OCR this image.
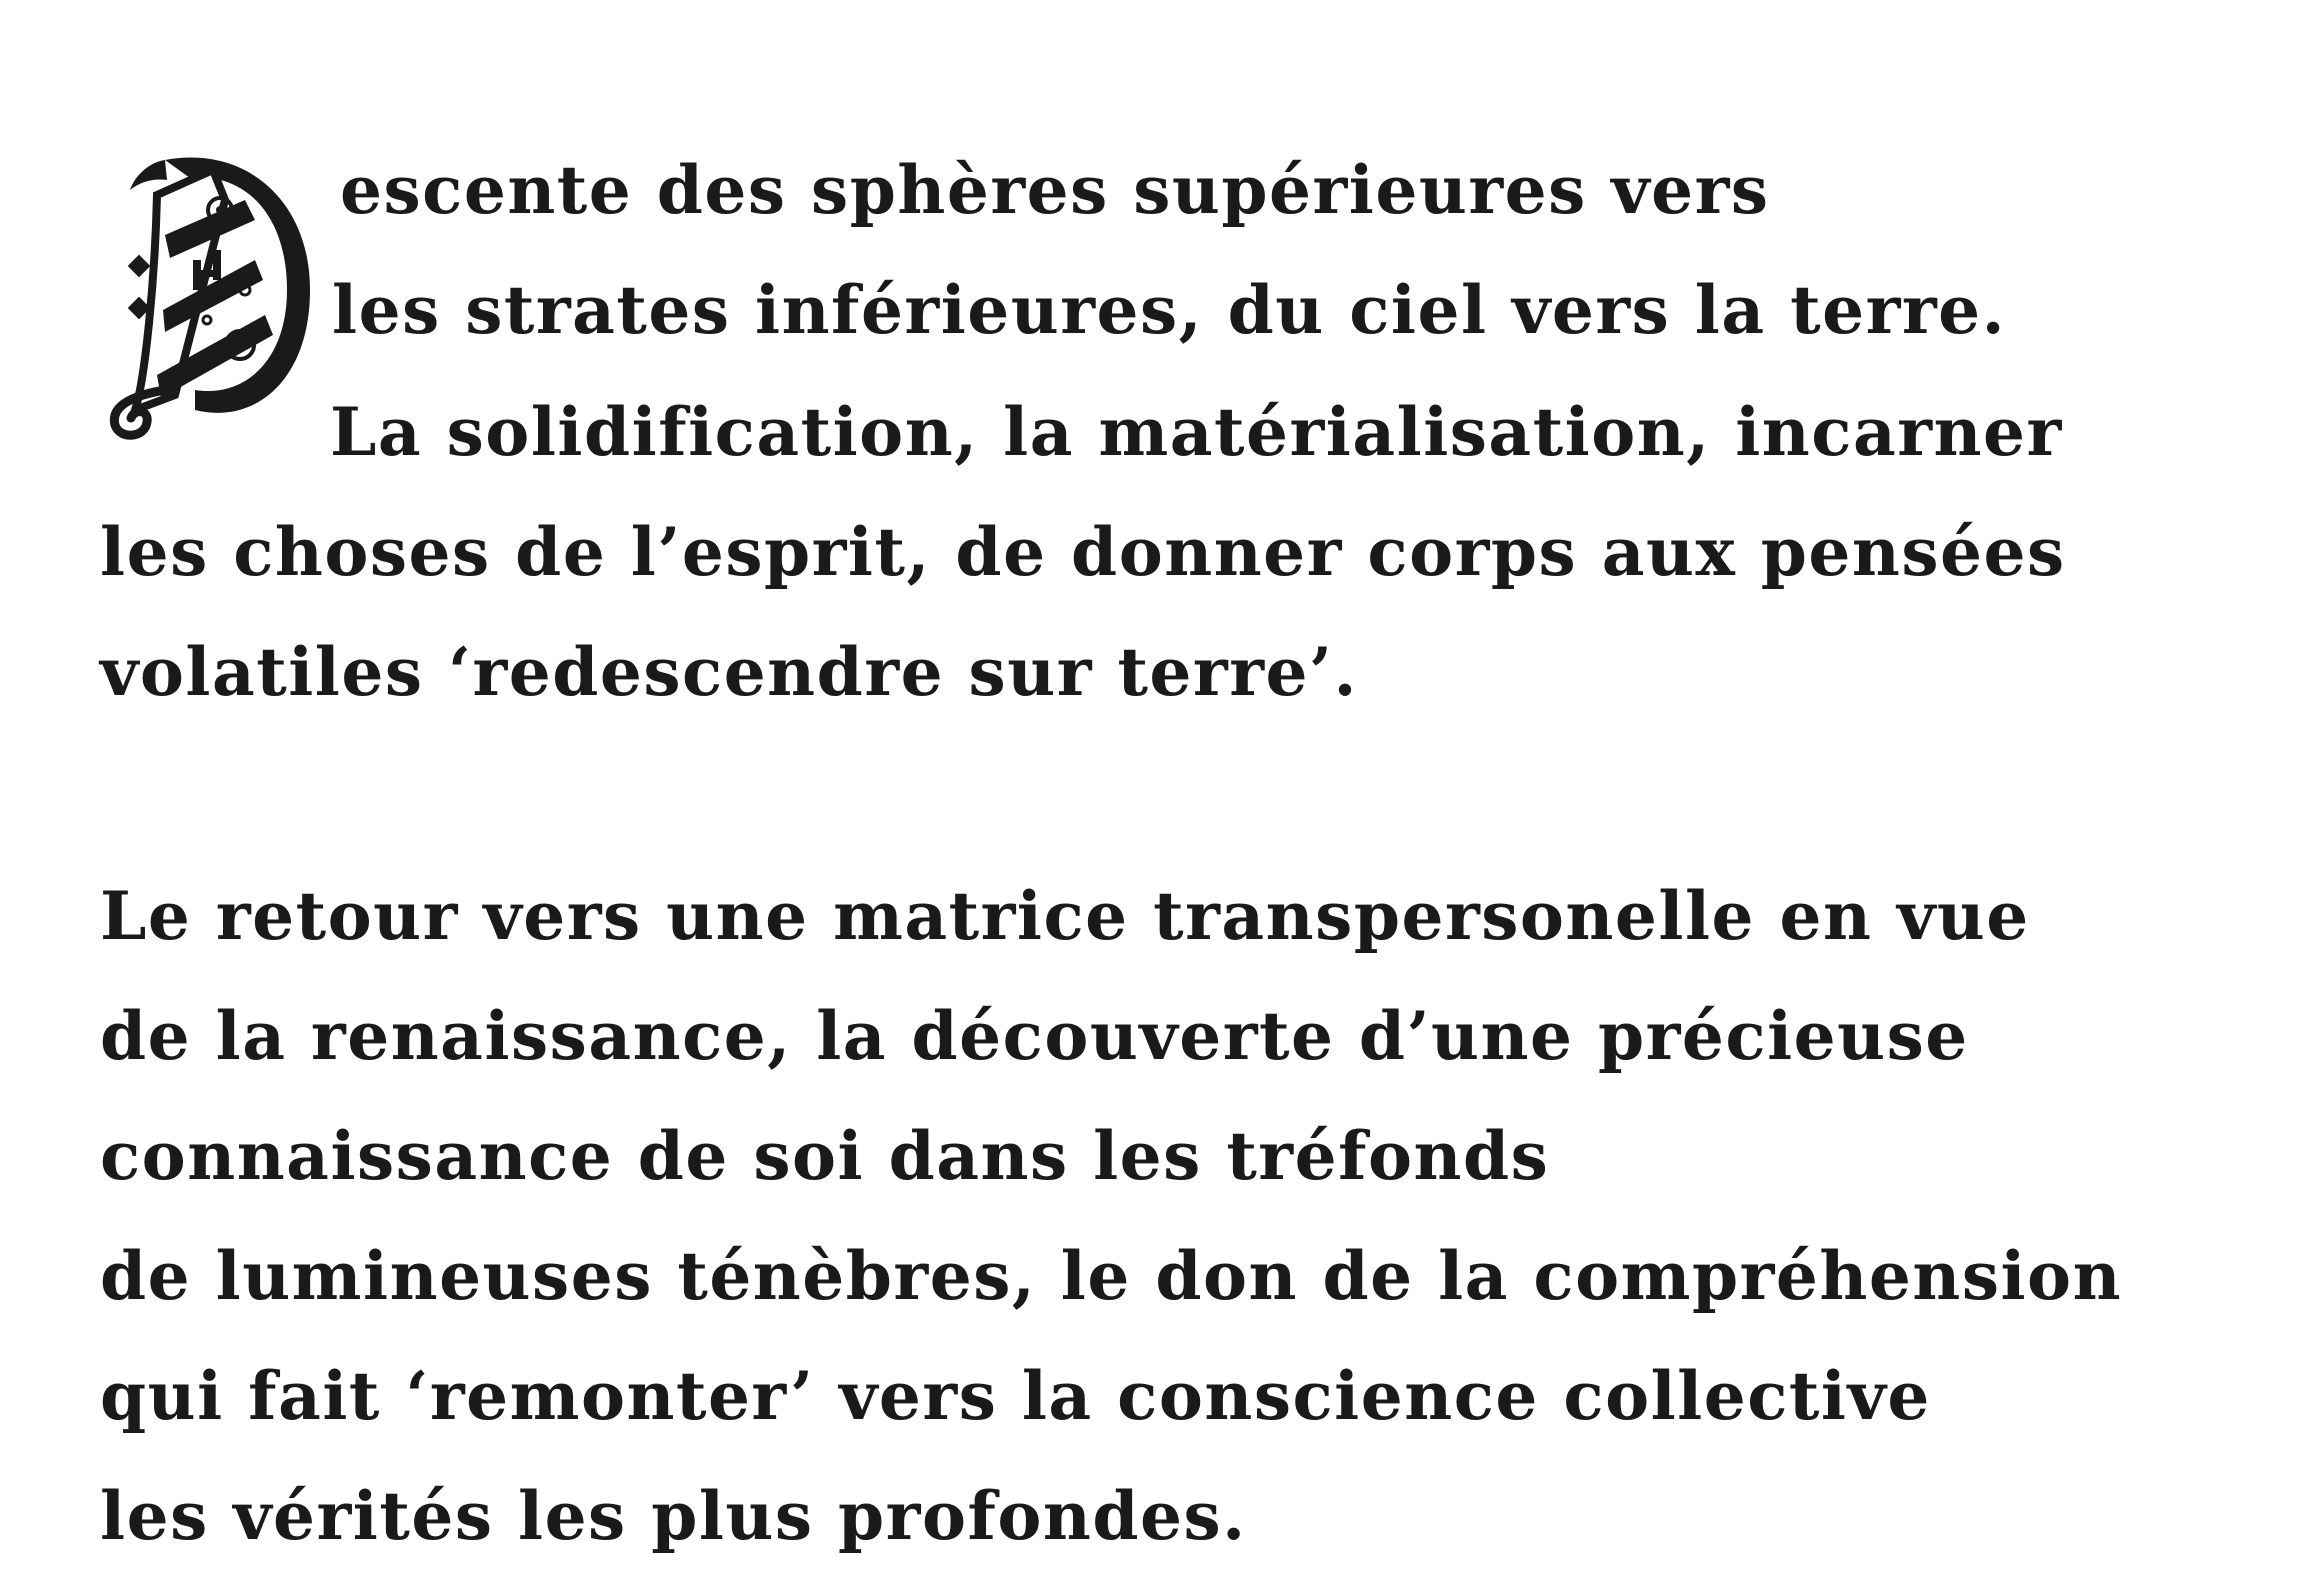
escente des sphères supérieures vers
les strates inférieures, du ciel vers la terre.
La solidification, la matérialisation, incarner
les choses de l’esprit, de donner corps aux pensées
volatiles ‘redescendre sur terre’.
Le retour vers une matrice transpersonelle en vue
de la renaissance, la découverte d’une précieuse
connaissance de soi dans les tréfonds
de lumineuses ténèbres, le don de la compréhension
qui fait ‘remonter’ vers la conscience collective
les vérités les plus profondes.
